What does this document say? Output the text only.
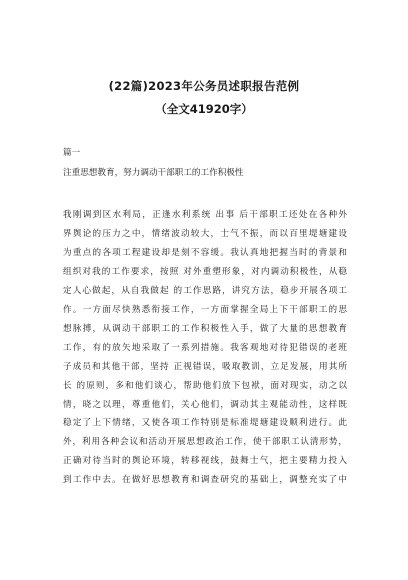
(22篇)2023年公务员述职报告范例
（全文41920字）
篇一
注重思想教育，努力调动干部职工的工作积极性
我刚调到区水利局，正逢水利系统 出事 后干部职工还处在各种外
界舆论的压力之中，情绪波动较大，士气不振，而以百里堤塘建设
为重点的各项工程建设却是刻不容缓。我认真地把握当时的背景和
组织对我的工作要求，按照 对外重塑形象，对内调动积极性，从稳
定人心做起，从自我做起 的工作思路，讲究方法，稳步开展各项工
作。一方面尽快熟悉衔接工作，一方面掌握全局上下干部职工的思
想脉搏，从调动干部职工的工作积极性入手，做了大量的思想教育
工作，有的放矢地采取了一系列措施。我客观地对待犯错误的老班
子成员和其他干部，坚持 正视错误，吸取教训，立足发展，用其所
长 的原则，多和他们谈心，帮助他们放下包袱，面对现实，动之以
情，晓之以理，尊重他们，关心他们，调动其主观能动性，这样既
稳定了上下情绪，又使各项工作特别是标准堤塘建设顺利进行。此
外，利用各种会议和活动开展思想政治工作，使干部职工认清形势，
正确对待当时的舆论环境，转移视线，鼓舞士气，把主要精力投入
到工作中去。在做好思想教育和调查研究的基础上，调整充实了中
